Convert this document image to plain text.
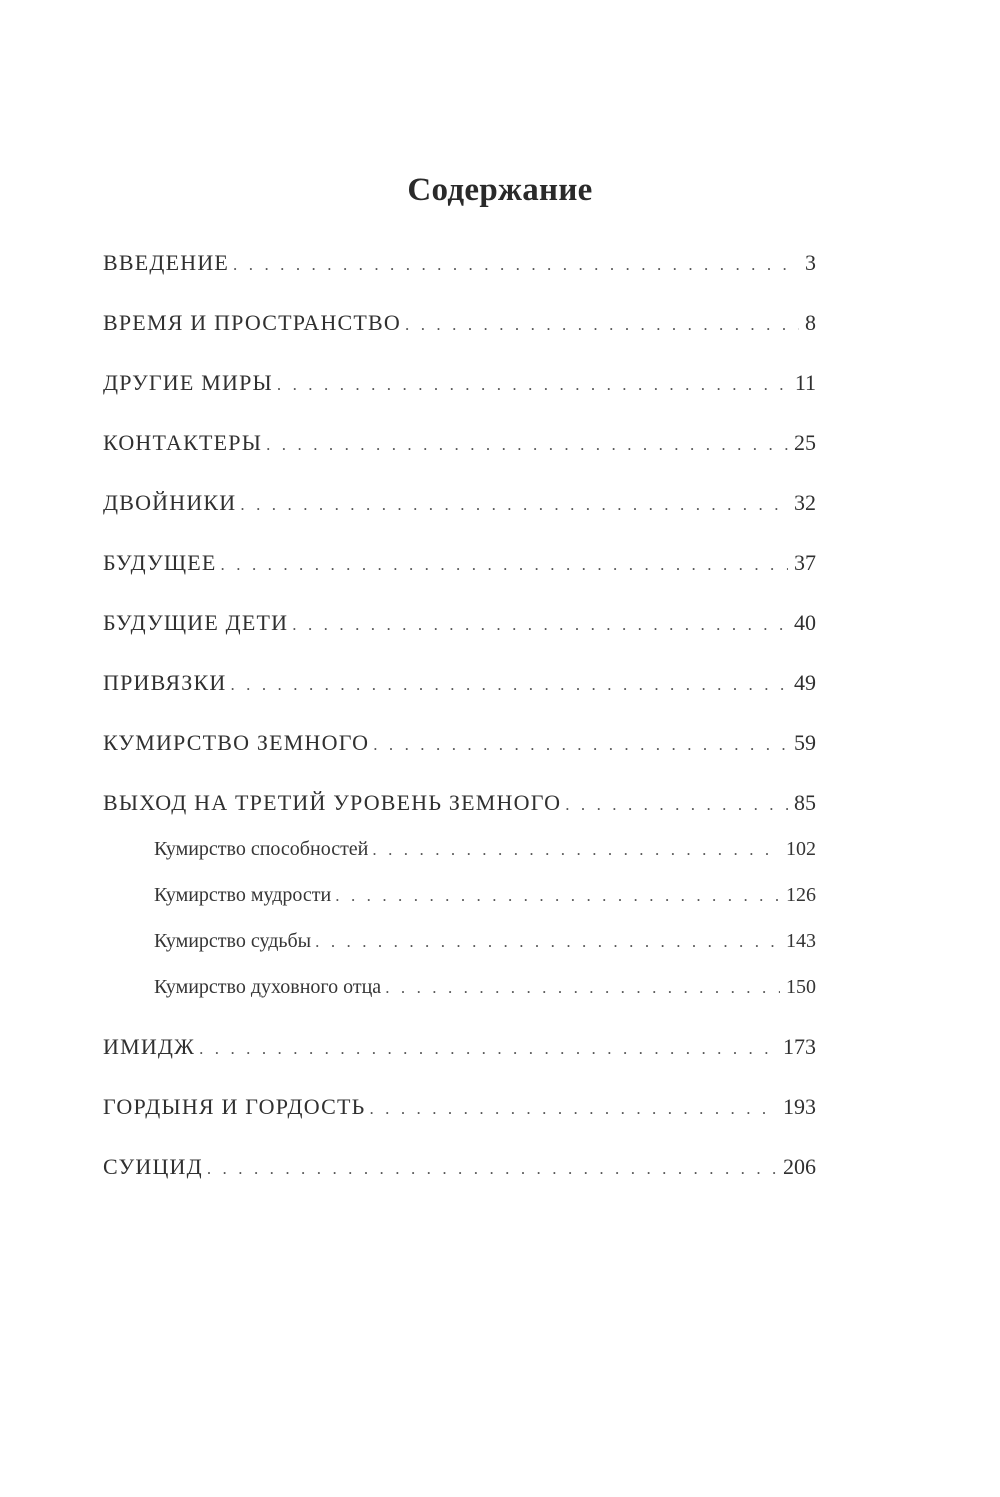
Содержание
ВВЕДЕНИЕ . . .	3
ВРЕМЯ И ПРОСТРАНСТВО . . .	8
ДРУГИЕ МИРЫ . . .	11
КОНТАКТЕРЫ . . .	25
ДВОЙНИКИ . . .	32
БУДУЩЕЕ . . .	37
БУДУЩИЕ ДЕТИ . . .	40
ПРИВЯЗКИ . . .	49
КУМИРСТВО ЗЕМНОГО . . .	59
ВЫХОД НА ТРЕТИЙ УРОВЕНЬ ЗЕМНОГО . . .	85
Кумирство способностей . . .	102
Кумирство мудрости . . .	126
Кумирство судьбы . . .	143
Кумирство духовного отца . . .	150
ИМИДЖ . . .	173
ГОРДЫНЯ И ГОРДОСТЬ . . .	193
СУИЦИД . . .	206
